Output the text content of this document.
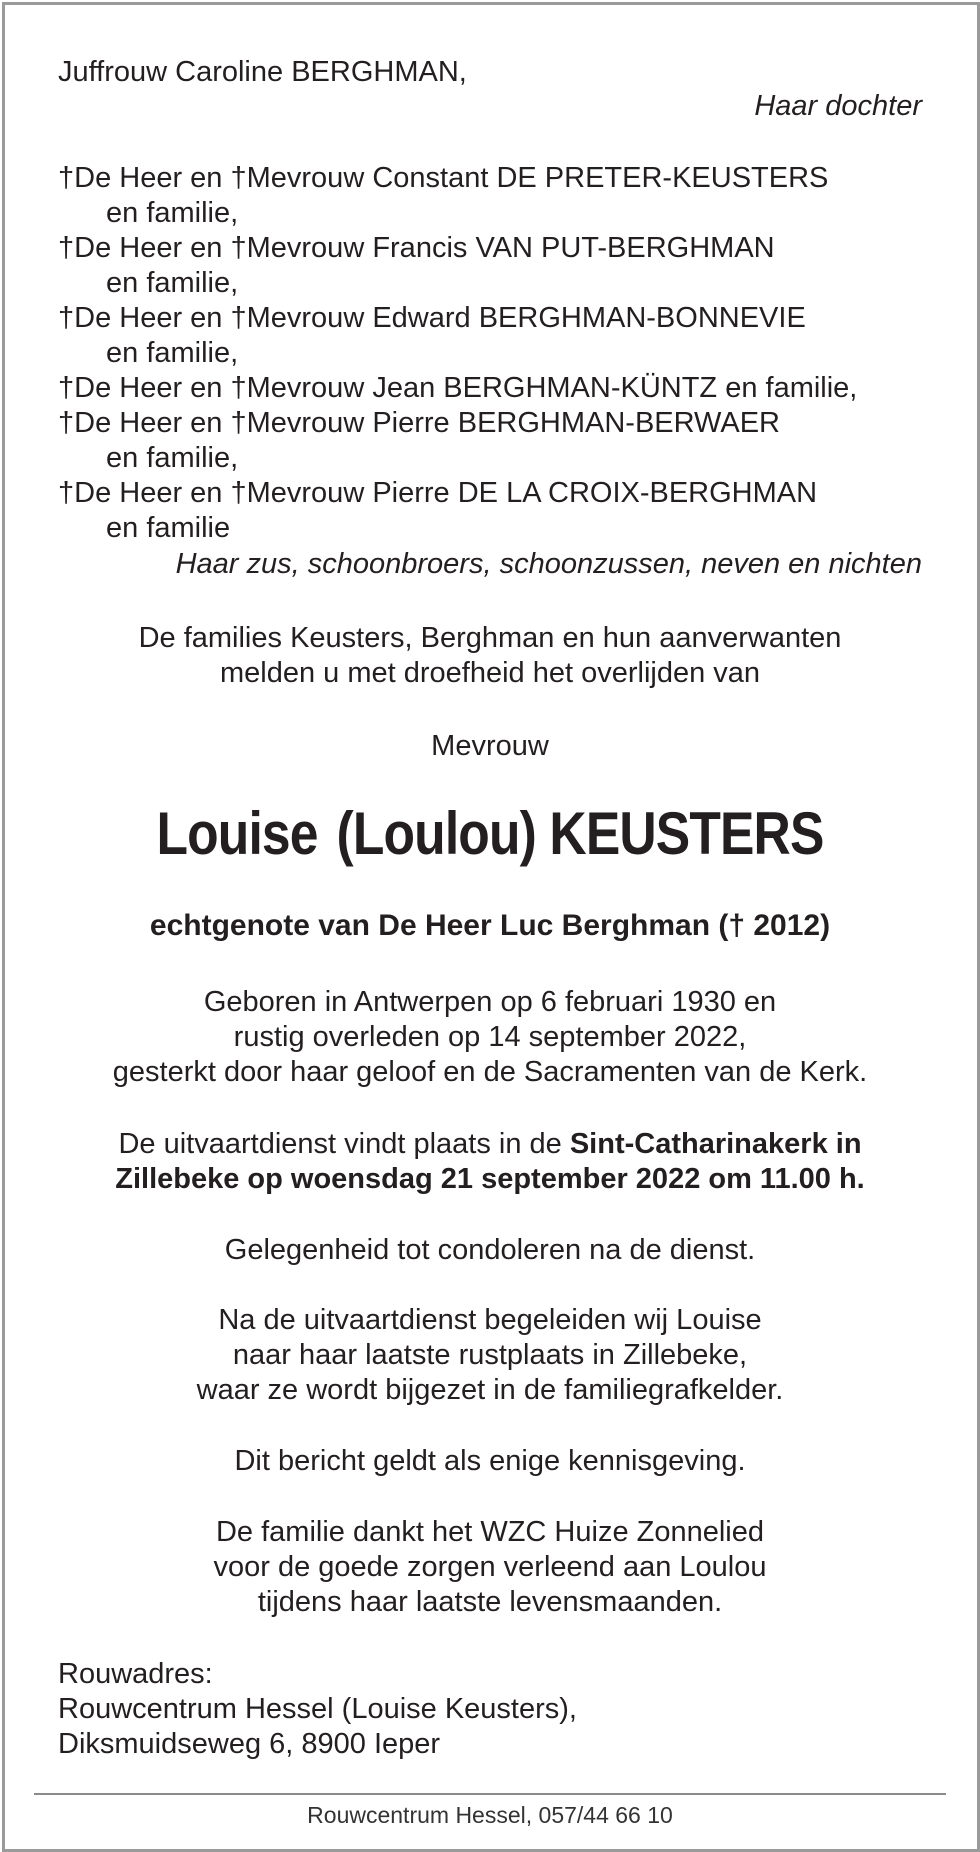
Juffrouw Caroline BERGHMAN,
Haar dochter
†De Heer en †Mevrouw Constant DE PRETER-KEUSTERS
en familie,
†De Heer en †Mevrouw Francis VAN PUT-BERGHMAN
en familie,
†De Heer en †Mevrouw Edward BERGHMAN-BONNEVIE
en familie,
†De Heer en †Mevrouw Jean BERGHMAN-KÜNTZ en familie,
†De Heer en †Mevrouw Pierre BERGHMAN-BERWAER
en familie,
†De Heer en †Mevrouw Pierre DE LA CROIX-BERGHMAN
en familie
Haar zus, schoonbroers, schoonzussen, neven en nichten
De families Keusters, Berghman en hun aanverwanten
melden u met droefheid het overlijden van
Mevrouw
Louise (Loulou) KEUSTERS
echtgenote van De Heer Luc Berghman († 2012)
Geboren in Antwerpen op 6 februari 1930 en
rustig overleden op 14 september 2022,
gesterkt door haar geloof en de Sacramenten van de Kerk.
De uitvaartdienst vindt plaats in de Sint-Catharinakerk in
Zillebeke op woensdag 21 september 2022 om 11.00 h.
Gelegenheid tot condoleren na de dienst.
Na de uitvaartdienst begeleiden wij Louise
naar haar laatste rustplaats in Zillebeke,
waar ze wordt bijgezet in de familiegrafkelder.
Dit bericht geldt als enige kennisgeving.
De familie dankt het WZC Huize Zonnelied
voor de goede zorgen verleend aan Loulou
tijdens haar laatste levensmaanden.
Rouwadres:
Rouwcentrum Hessel (Louise Keusters),
Diksmuidseweg 6, 8900 Ieper
Rouwcentrum Hessel, 057/44 66 10
